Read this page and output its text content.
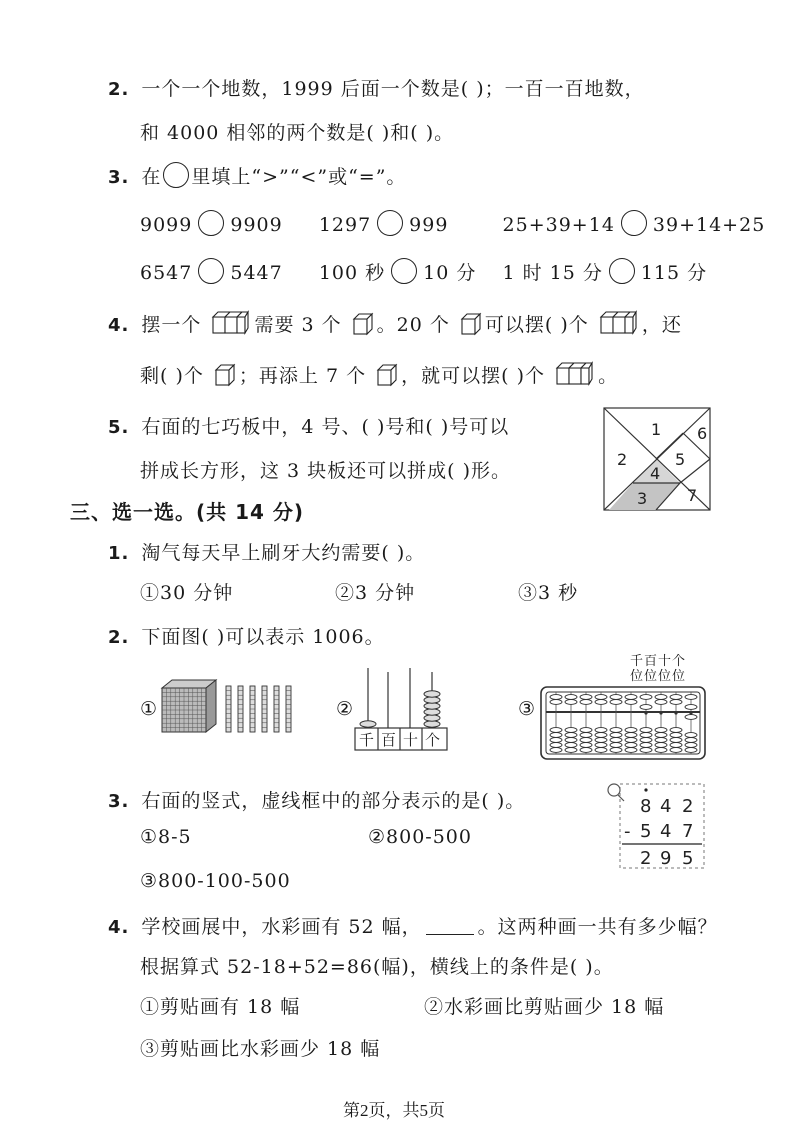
2. 一个一个地数，1999 后面一个数是( )；一百一百地数，
和 4000 相邻的两个数是( )和( )。
3. 在 里填上“>”“<”或“=”。
9099 9909 1297 999	25+39+14 39+14+25
6547 5447 100 秒 10 分 1 时 15 分 115 分
4. 摆一个	需要 3 个 。20 个 可以摆( )个	，还
剩( )个 ；再添上 7 个 ，就可以摆( )个	。
5. 右面的七巧板中，4 号、( )号和( )号可以
拼成长方形，这 3 块板还可以拼成( )形。
1
2
3
4
5
6
7
三、选一选。(共 14 分)
1. 淘气每天早上刷牙大约需要( )。
①30 分钟	②3 分钟	③3 秒
2. 下面图( )可以表示 1006。
①	②
千 百 十 个
③
千百十个
位位位位
3. 右面的竖式，虚线框中的部分表示的是( )。
①8-5	②800-500
③800-100-500
8 4 2
- 5 4 7
2 9 5
4. 学校画展中，水彩画有 52 幅，	。这两种画一共有多少幅？
根据算式 52-18+52=86(幅)，横线上的条件是( )。
①剪贴画有 18 幅	②水彩画比剪贴画少 18 幅
③剪贴画比水彩画少 18 幅
第2页，共5页
